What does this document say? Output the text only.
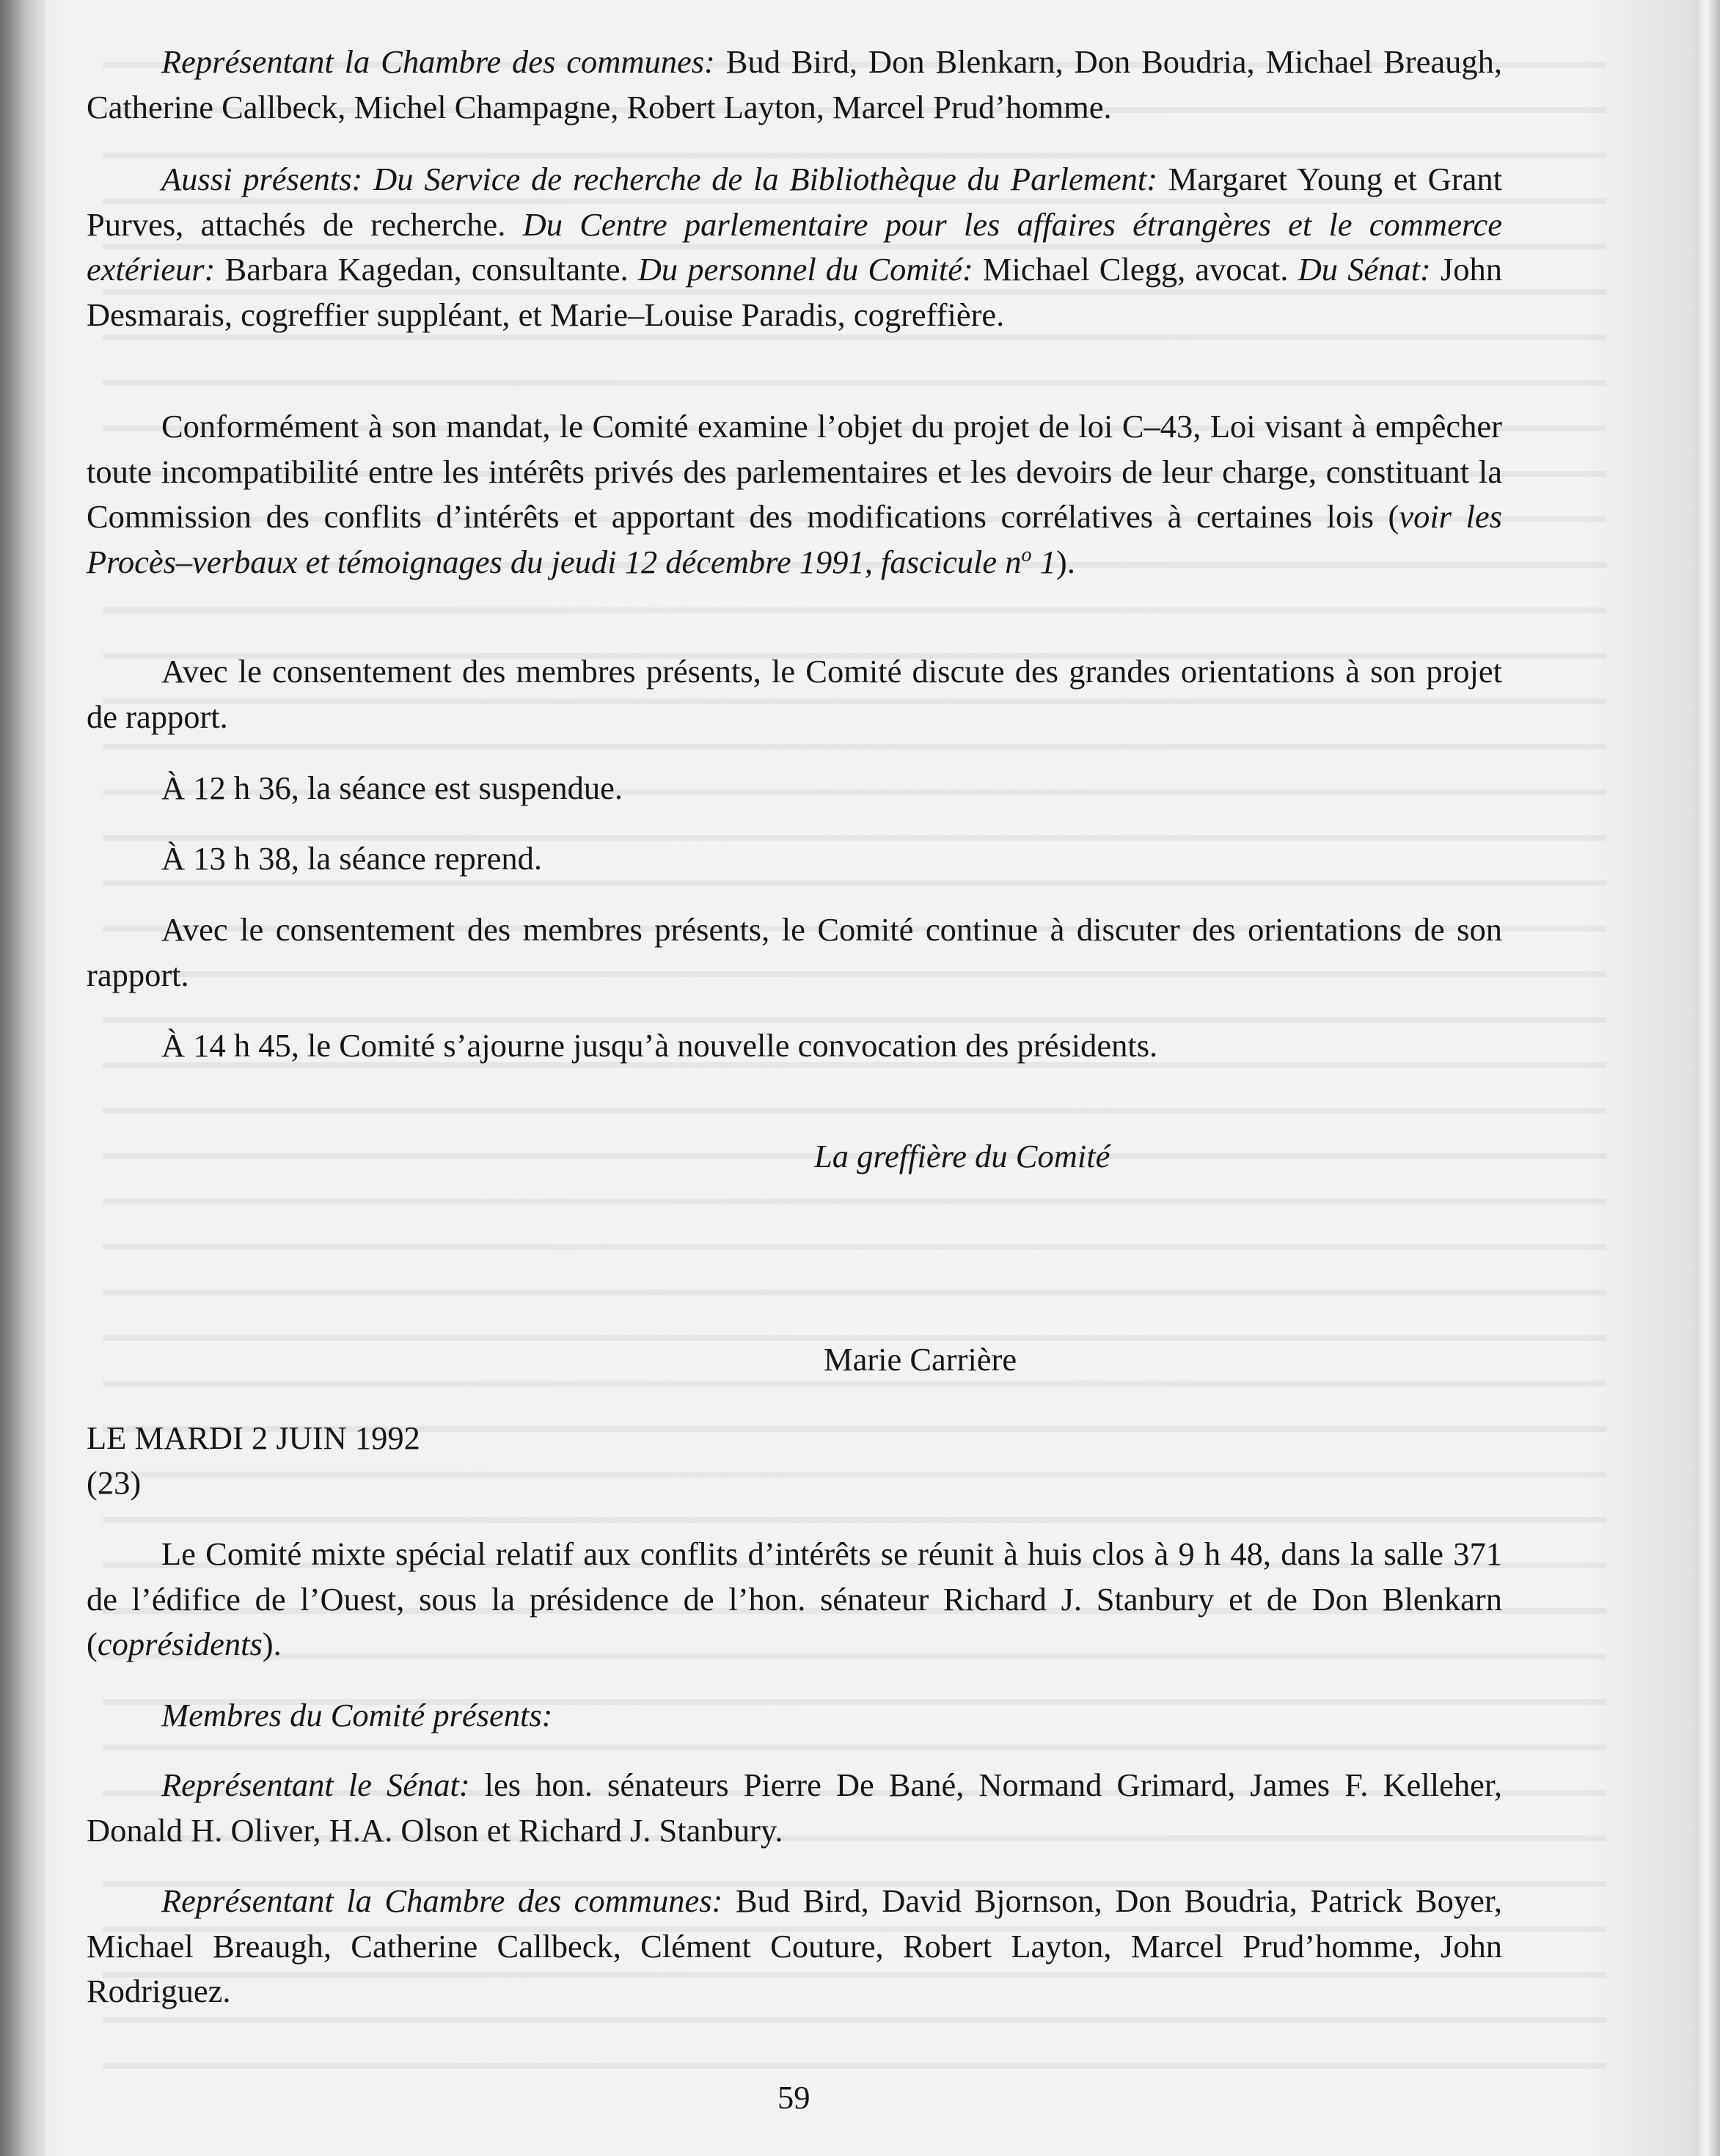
Représentant la Chambre des communes: Bud Bird, Don Blenkarn, Don Boudria, Michael Breaugh, Catherine Callbeck, Michel Champagne, Robert Layton, Marcel Prud’homme.

Aussi présents: Du Service de recherche de la Bibliothèque du Parlement: Margaret Young et Grant Purves, attachés de recherche. Du Centre parlementaire pour les affaires étrangères et le commerce extérieur: Barbara Kagedan, consultante. Du personnel du Comité: Michael Clegg, avocat. Du Sénat: John Desmarais, cogreffier suppléant, et Marie–Louise Paradis, cogreffière.

Conformément à son mandat, le Comité examine l’objet du projet de loi C–43, Loi visant à empêcher toute incompatibilité entre les intérêts privés des parlementaires et les devoirs de leur charge, constituant la Commission des conflits d’intérêts et apportant des modifications corrélatives à certaines lois (voir les Procès–verbaux et témoignages du jeudi 12 décembre 1991, fascicule $n^o$ 1).

Avec le consentement des membres présents, le Comité discute des grandes orientations à son projet de rapport.

À 12 h 36, la séance est suspendue.

À 13 h 38, la séance reprend.

Avec le consentement des membres présents, le Comité continue à discuter des orientations de son rapport.

À 14 h 45, le Comité s’ajourne jusqu’à nouvelle convocation des présidents.

La greffière du Comité
Marie Carrière
LE MARDI 2 JUIN 1992
(23)

Le Comité mixte spécial relatif aux conflits d’intérêts se réunit à huis clos à 9 h 48, dans la salle 371 de l’édifice de l’Ouest, sous la présidence de l’hon. sénateur Richard J. Stanbury et de Don Blenkarn (coprésidents).

Membres du Comité présents:

Représentant le Sénat: les hon. sénateurs Pierre De Bané, Normand Grimard, James F. Kelleher, Donald H. Oliver, H.A. Olson et Richard J. Stanbury.

Représentant la Chambre des communes: Bud Bird, David Bjornson, Don Boudria, Patrick Boyer, Michael Breaugh, Catherine Callbeck, Clément Couture, Robert Layton, Marcel Prud’homme, John Rodriguez.

59
